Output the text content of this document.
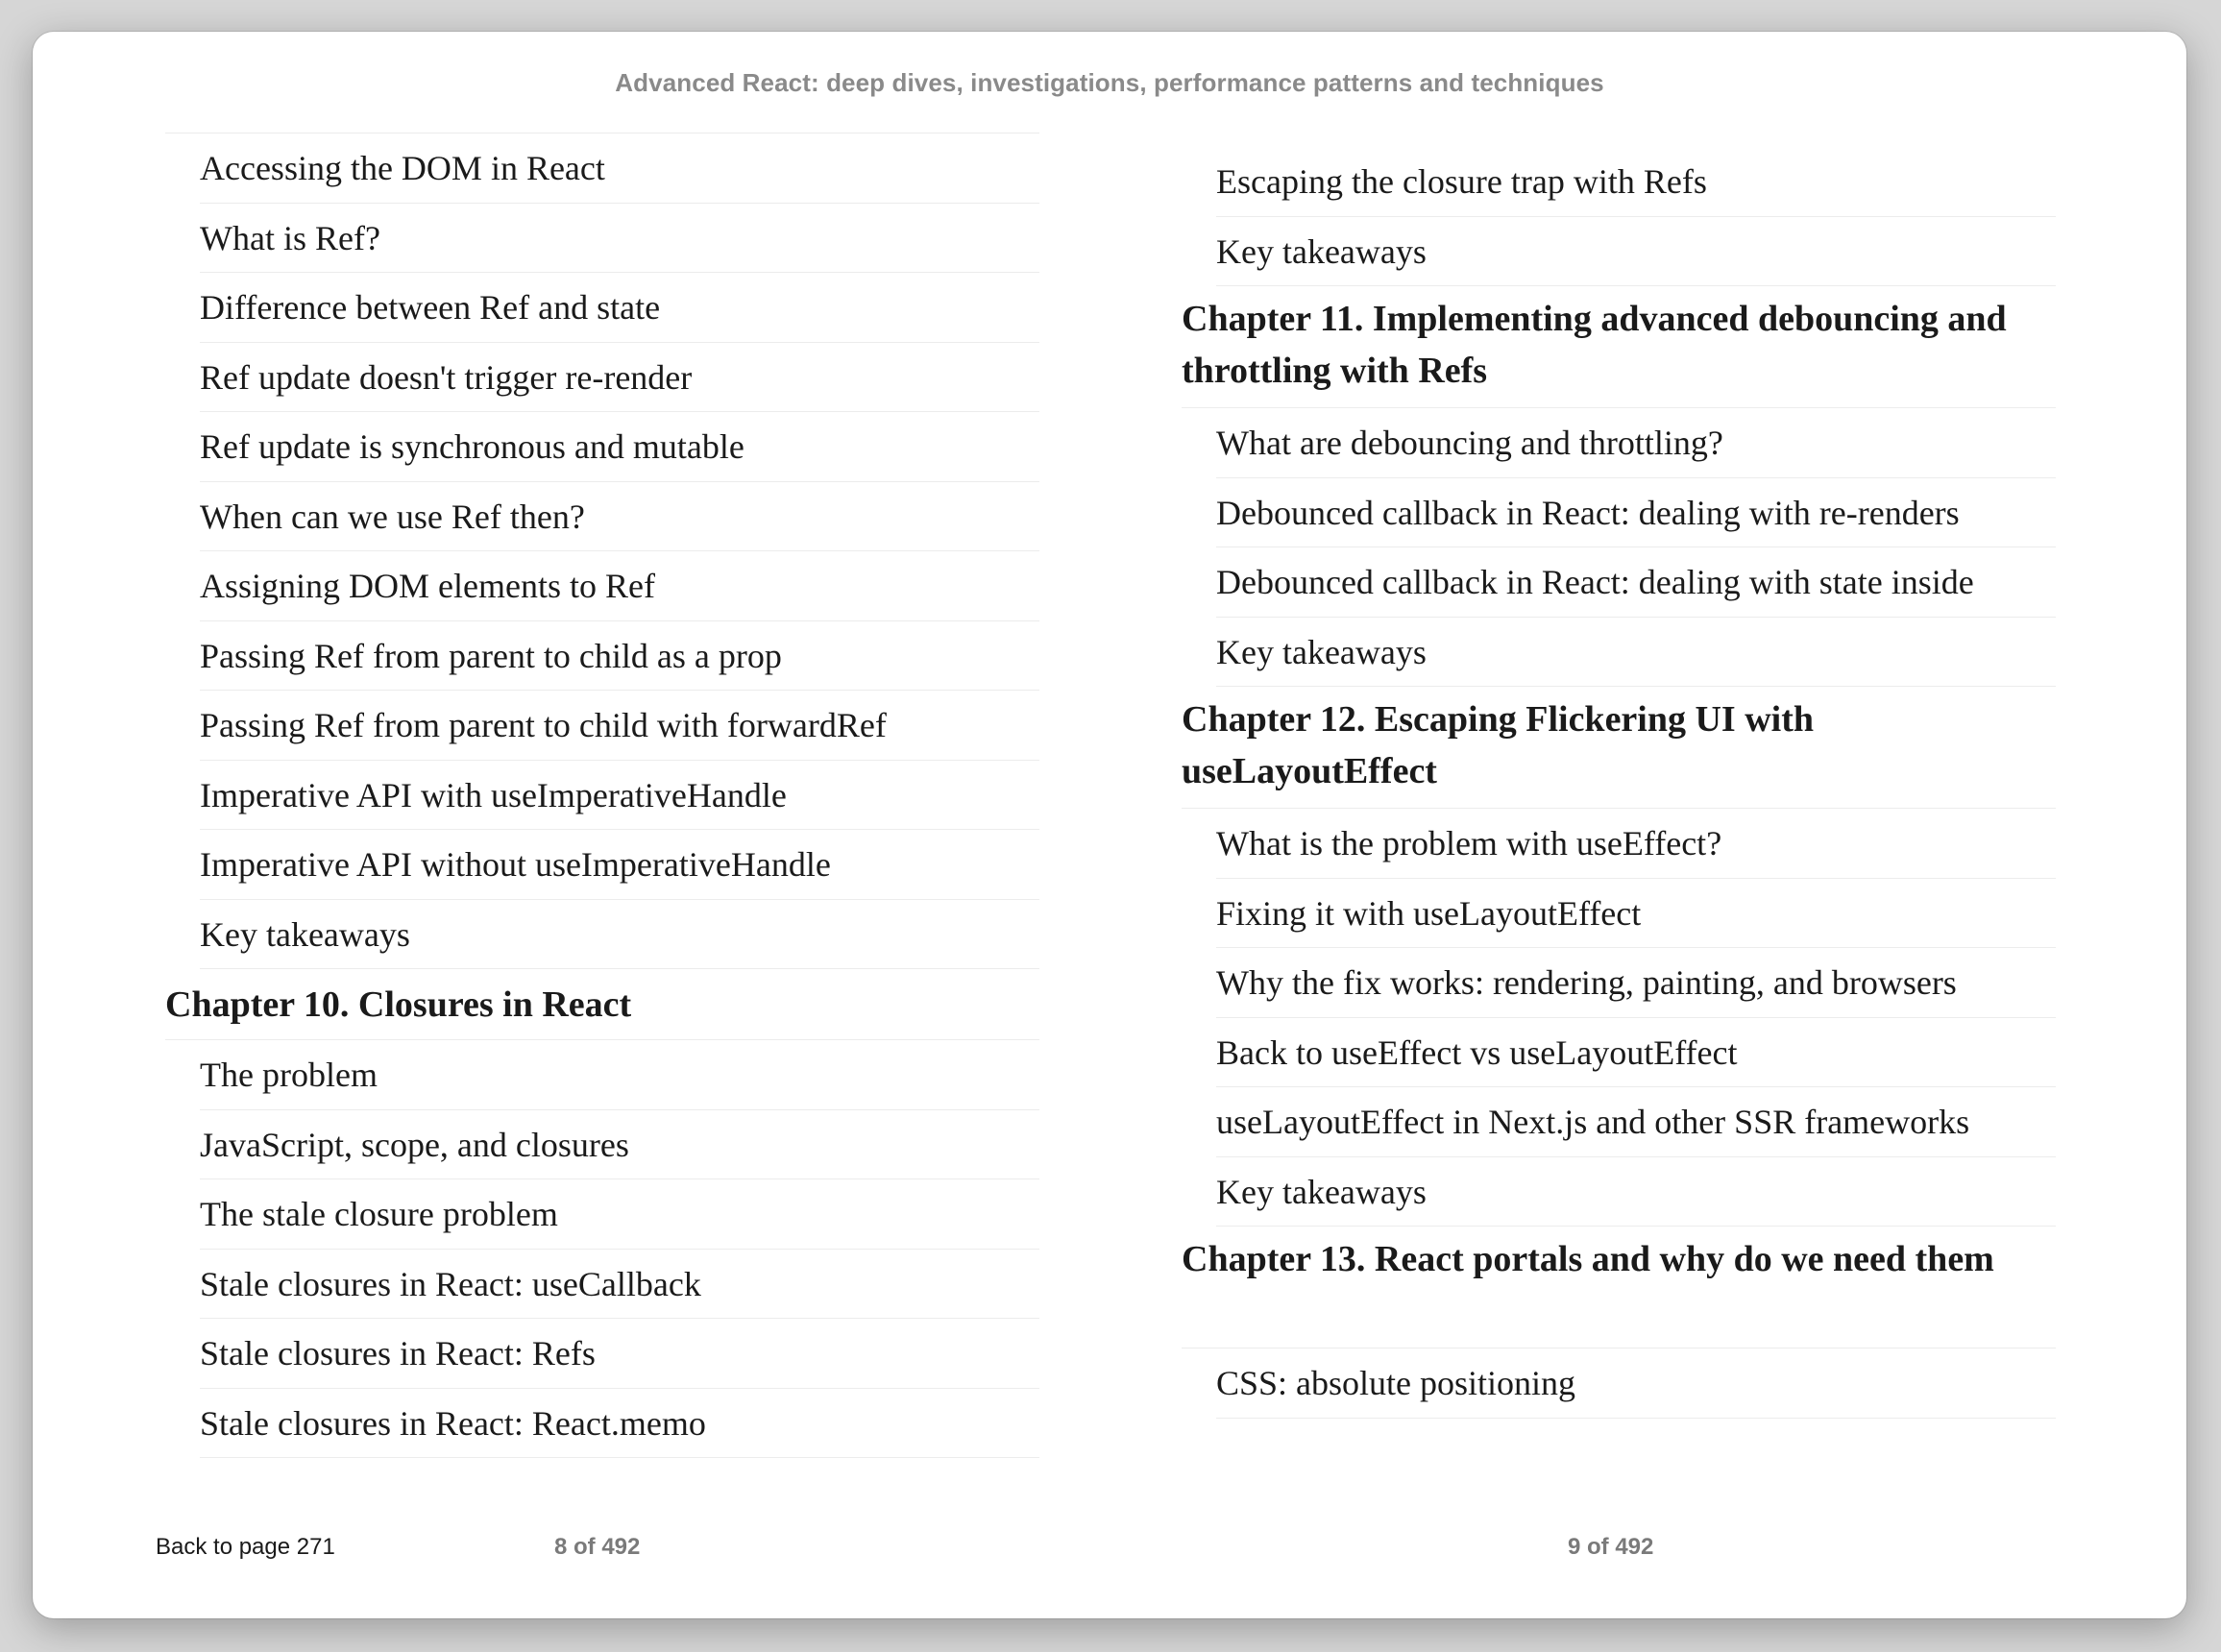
Advanced React: deep dives, investigations, performance patterns and techniques
Accessing the DOM in React
What is Ref?
Difference between Ref and state
Ref update doesn't trigger re-render
Ref update is synchronous and mutable
When can we use Ref then?
Assigning DOM elements to Ref
Passing Ref from parent to child as a prop
Passing Ref from parent to child with forwardRef
Imperative API with useImperativeHandle
Imperative API without useImperativeHandle
Key takeaways
Chapter 10. Closures in React
The problem
JavaScript, scope, and closures
The stale closure problem
Stale closures in React: useCallback
Stale closures in React: Refs
Stale closures in React: React.memo
Escaping the closure trap with Refs
Key takeaways
Chapter 11. Implementing advanced debouncing and throttling with Refs
What are debouncing and throttling?
Debounced callback in React: dealing with re-renders
Debounced callback in React: dealing with state inside
Key takeaways
Chapter 12. Escaping Flickering UI with useLayoutEffect
What is the problem with useEffect?
Fixing it with useLayoutEffect
Why the fix works: rendering, painting, and browsers
Back to useEffect vs useLayoutEffect
useLayoutEffect in Next.js and other SSR frameworks
Key takeaways
Chapter 13. React portals and why do we need them
CSS: absolute positioning
Back to page 271	8 of 492	9 of 492
